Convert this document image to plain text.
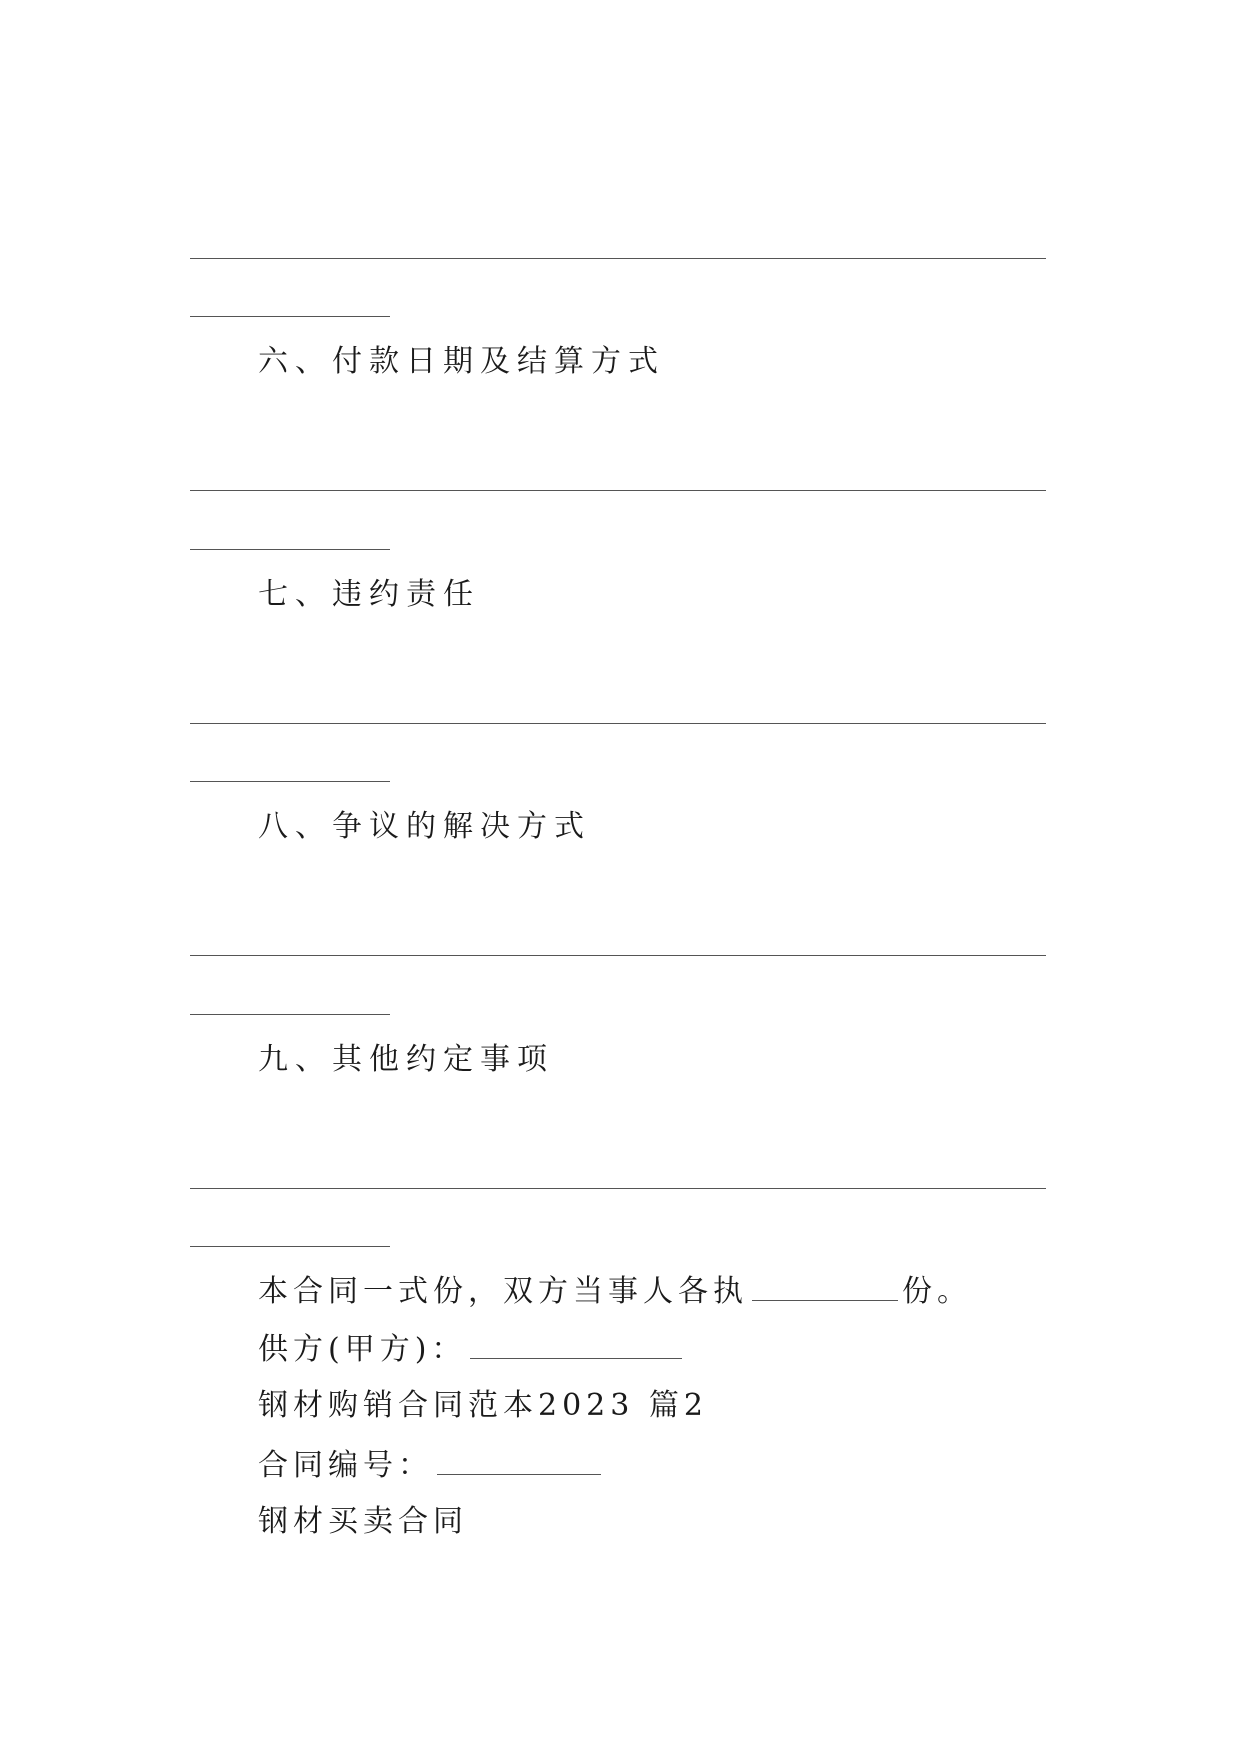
六、付款日期及结算方式
七、违约责任
八、争议的解决方式
九、其他约定事项
本合同一式份，双方当事人各执	份。
供方(甲方)：
钢材购销合同范本2023 篇2
合同编号：
钢材买卖合同
